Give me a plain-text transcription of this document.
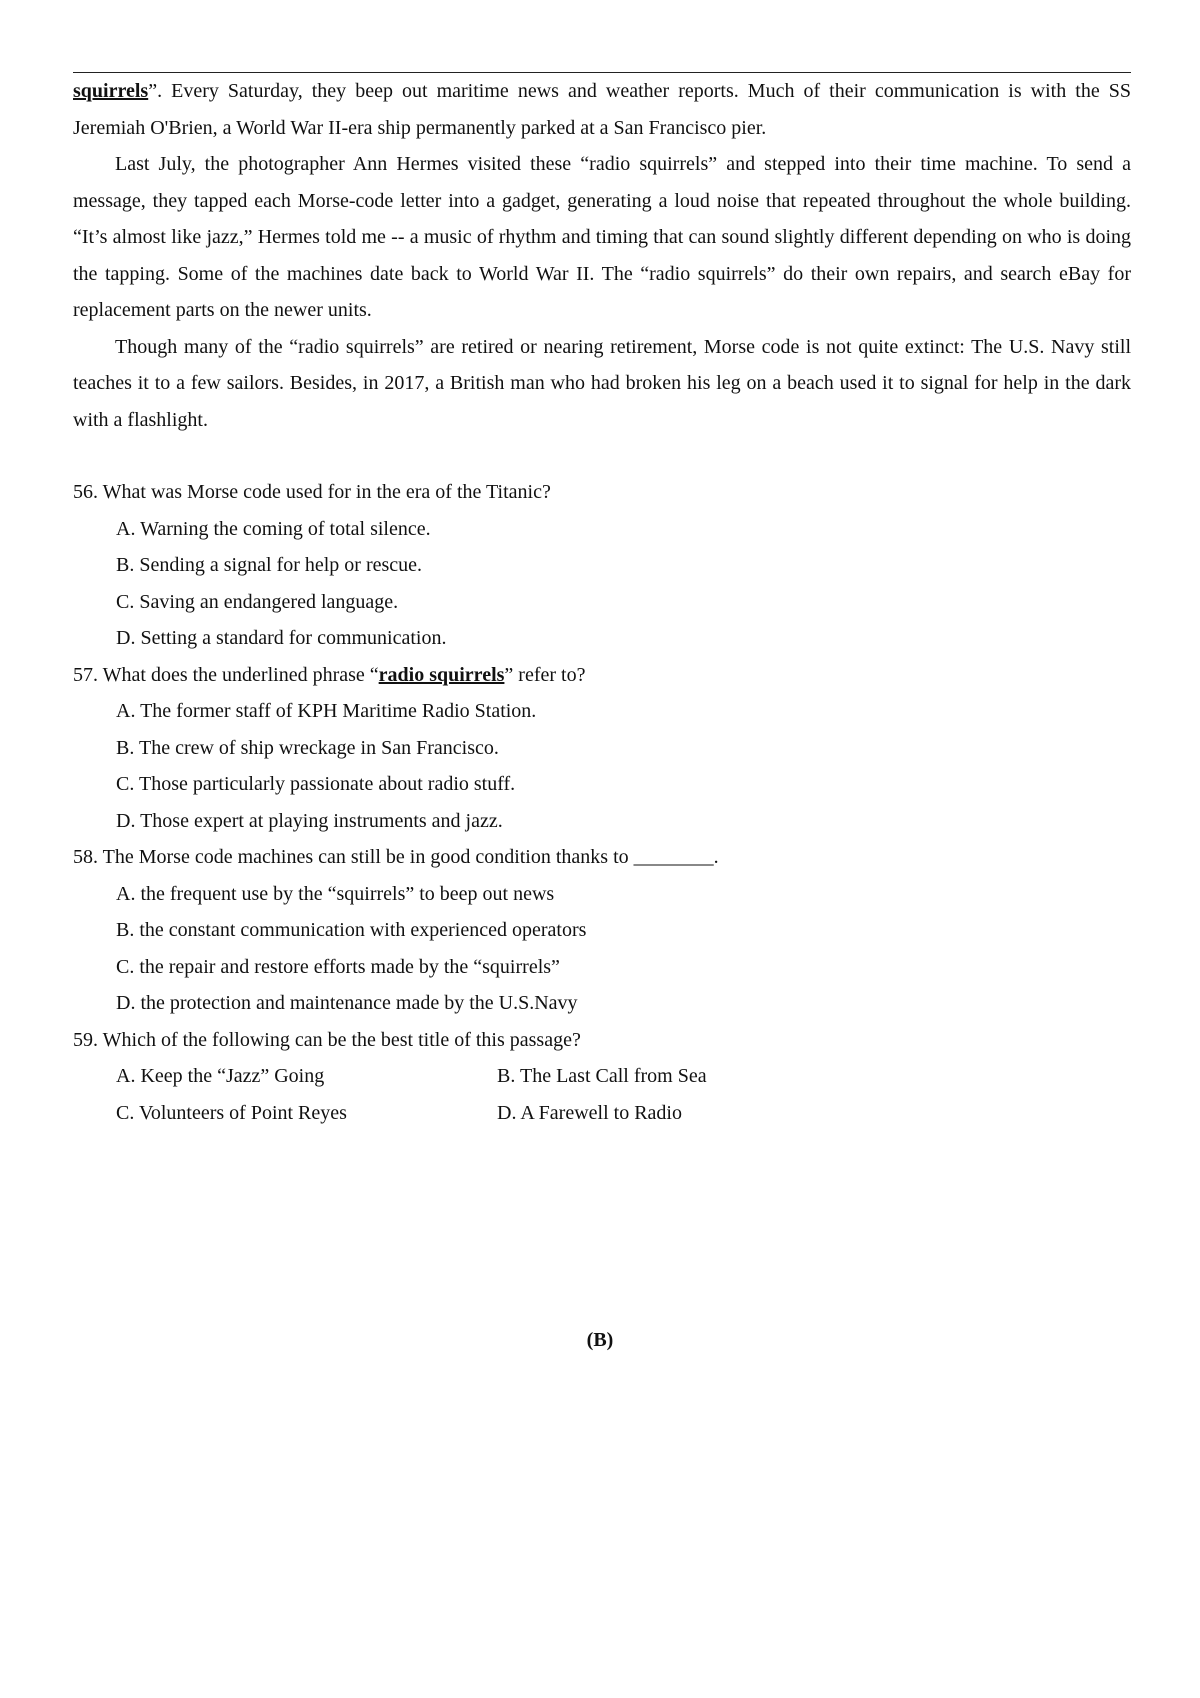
squirrels”. Every Saturday, they beep out maritime news and weather reports. Much of their communication is with the SS Jeremiah O'Brien, a World War II-era ship permanently parked at a San Francisco pier.

Last July, the photographer Ann Hermes visited these “radio squirrels” and stepped into their time machine. To send a message, they tapped each Morse-code letter into a gadget, generating a loud noise that repeated throughout the whole building. “It’s almost like jazz,” Hermes told me -- a music of rhythm and timing that can sound slightly different depending on who is doing the tapping. Some of the machines date back to World War II. The “radio squirrels” do their own repairs, and search eBay for replacement parts on the newer units.

Though many of the “radio squirrels” are retired or nearing retirement, Morse code is not quite extinct: The U.S. Navy still teaches it to a few sailors. Besides, in 2017, a British man who had broken his leg on a beach used it to signal for help in the dark with a flashlight.

56. What was Morse code used for in the era of the Titanic?

A. Warning the coming of total silence.

B. Sending a signal for help or rescue.

C. Saving an endangered language.

D. Setting a standard for communication.

57. What does the underlined phrase “radio squirrels” refer to?

A. The former staff of KPH Maritime Radio Station.

B. The crew of ship wreckage in San Francisco.

C. Those particularly passionate about radio stuff.

D. Those expert at playing instruments and jazz.

58. The Morse code machines can still be in good condition thanks to ________.

A. the frequent use by the “squirrels” to beep out news

B. the constant communication with experienced operators

C. the repair and restore efforts made by the “squirrels”

D. the protection and maintenance made by the U.S.Navy

59. Which of the following can be the best title of this passage?

A. Keep the “Jazz” Going	B. The Last Call from Sea
C. Volunteers of Point Reyes	D. A Farewell to Radio
(B)
